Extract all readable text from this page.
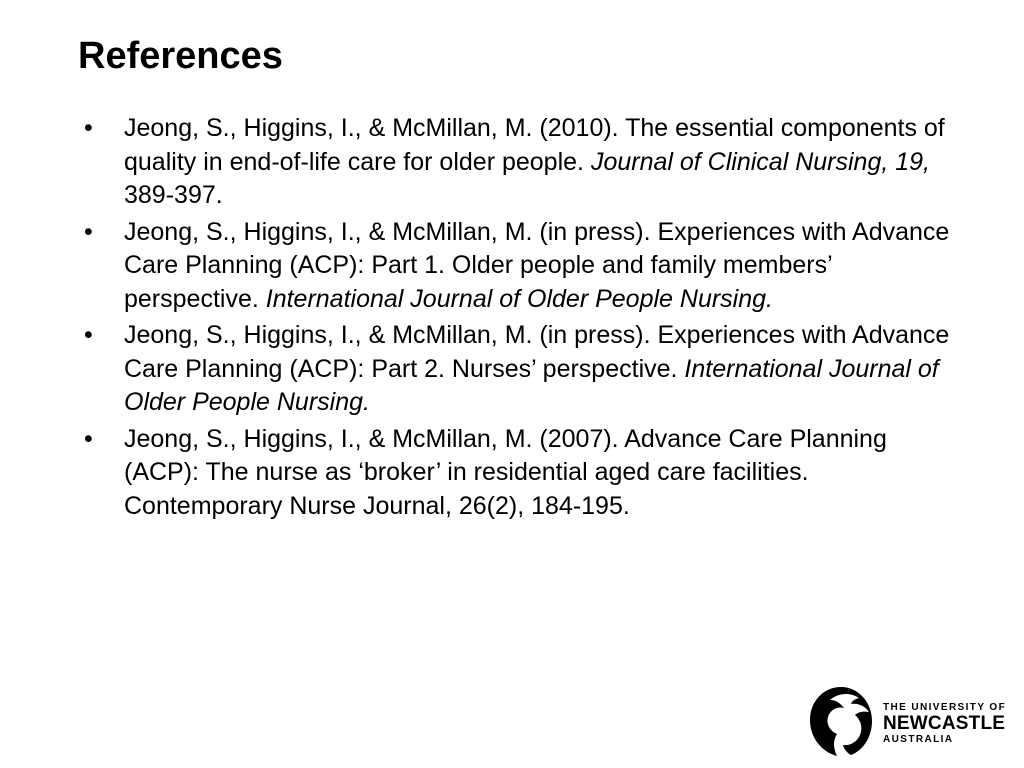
References
• Jeong, S., Higgins, I., & McMillan, M. (2010). The essential components of quality in end-of-life care for older people. Journal of Clinical Nursing, 19, 389-397.
• Jeong, S., Higgins, I., & McMillan, M. (in press). Experiences with Advance Care Planning (ACP): Part 1. Older people and family members’ perspective. International Journal of Older People Nursing.
• Jeong, S., Higgins, I., & McMillan, M. (in press). Experiences with Advance Care Planning (ACP): Part 2. Nurses’ perspective. International Journal of Older People Nursing.
• Jeong, S., Higgins, I., & McMillan, M. (2007). Advance Care Planning (ACP): The nurse as ‘broker’ in residential aged care facilities. Contemporary Nurse Journal, 26(2), 184-195.
THE UNIVERSITY OF
NEWCASTLE
AUSTRALIA
